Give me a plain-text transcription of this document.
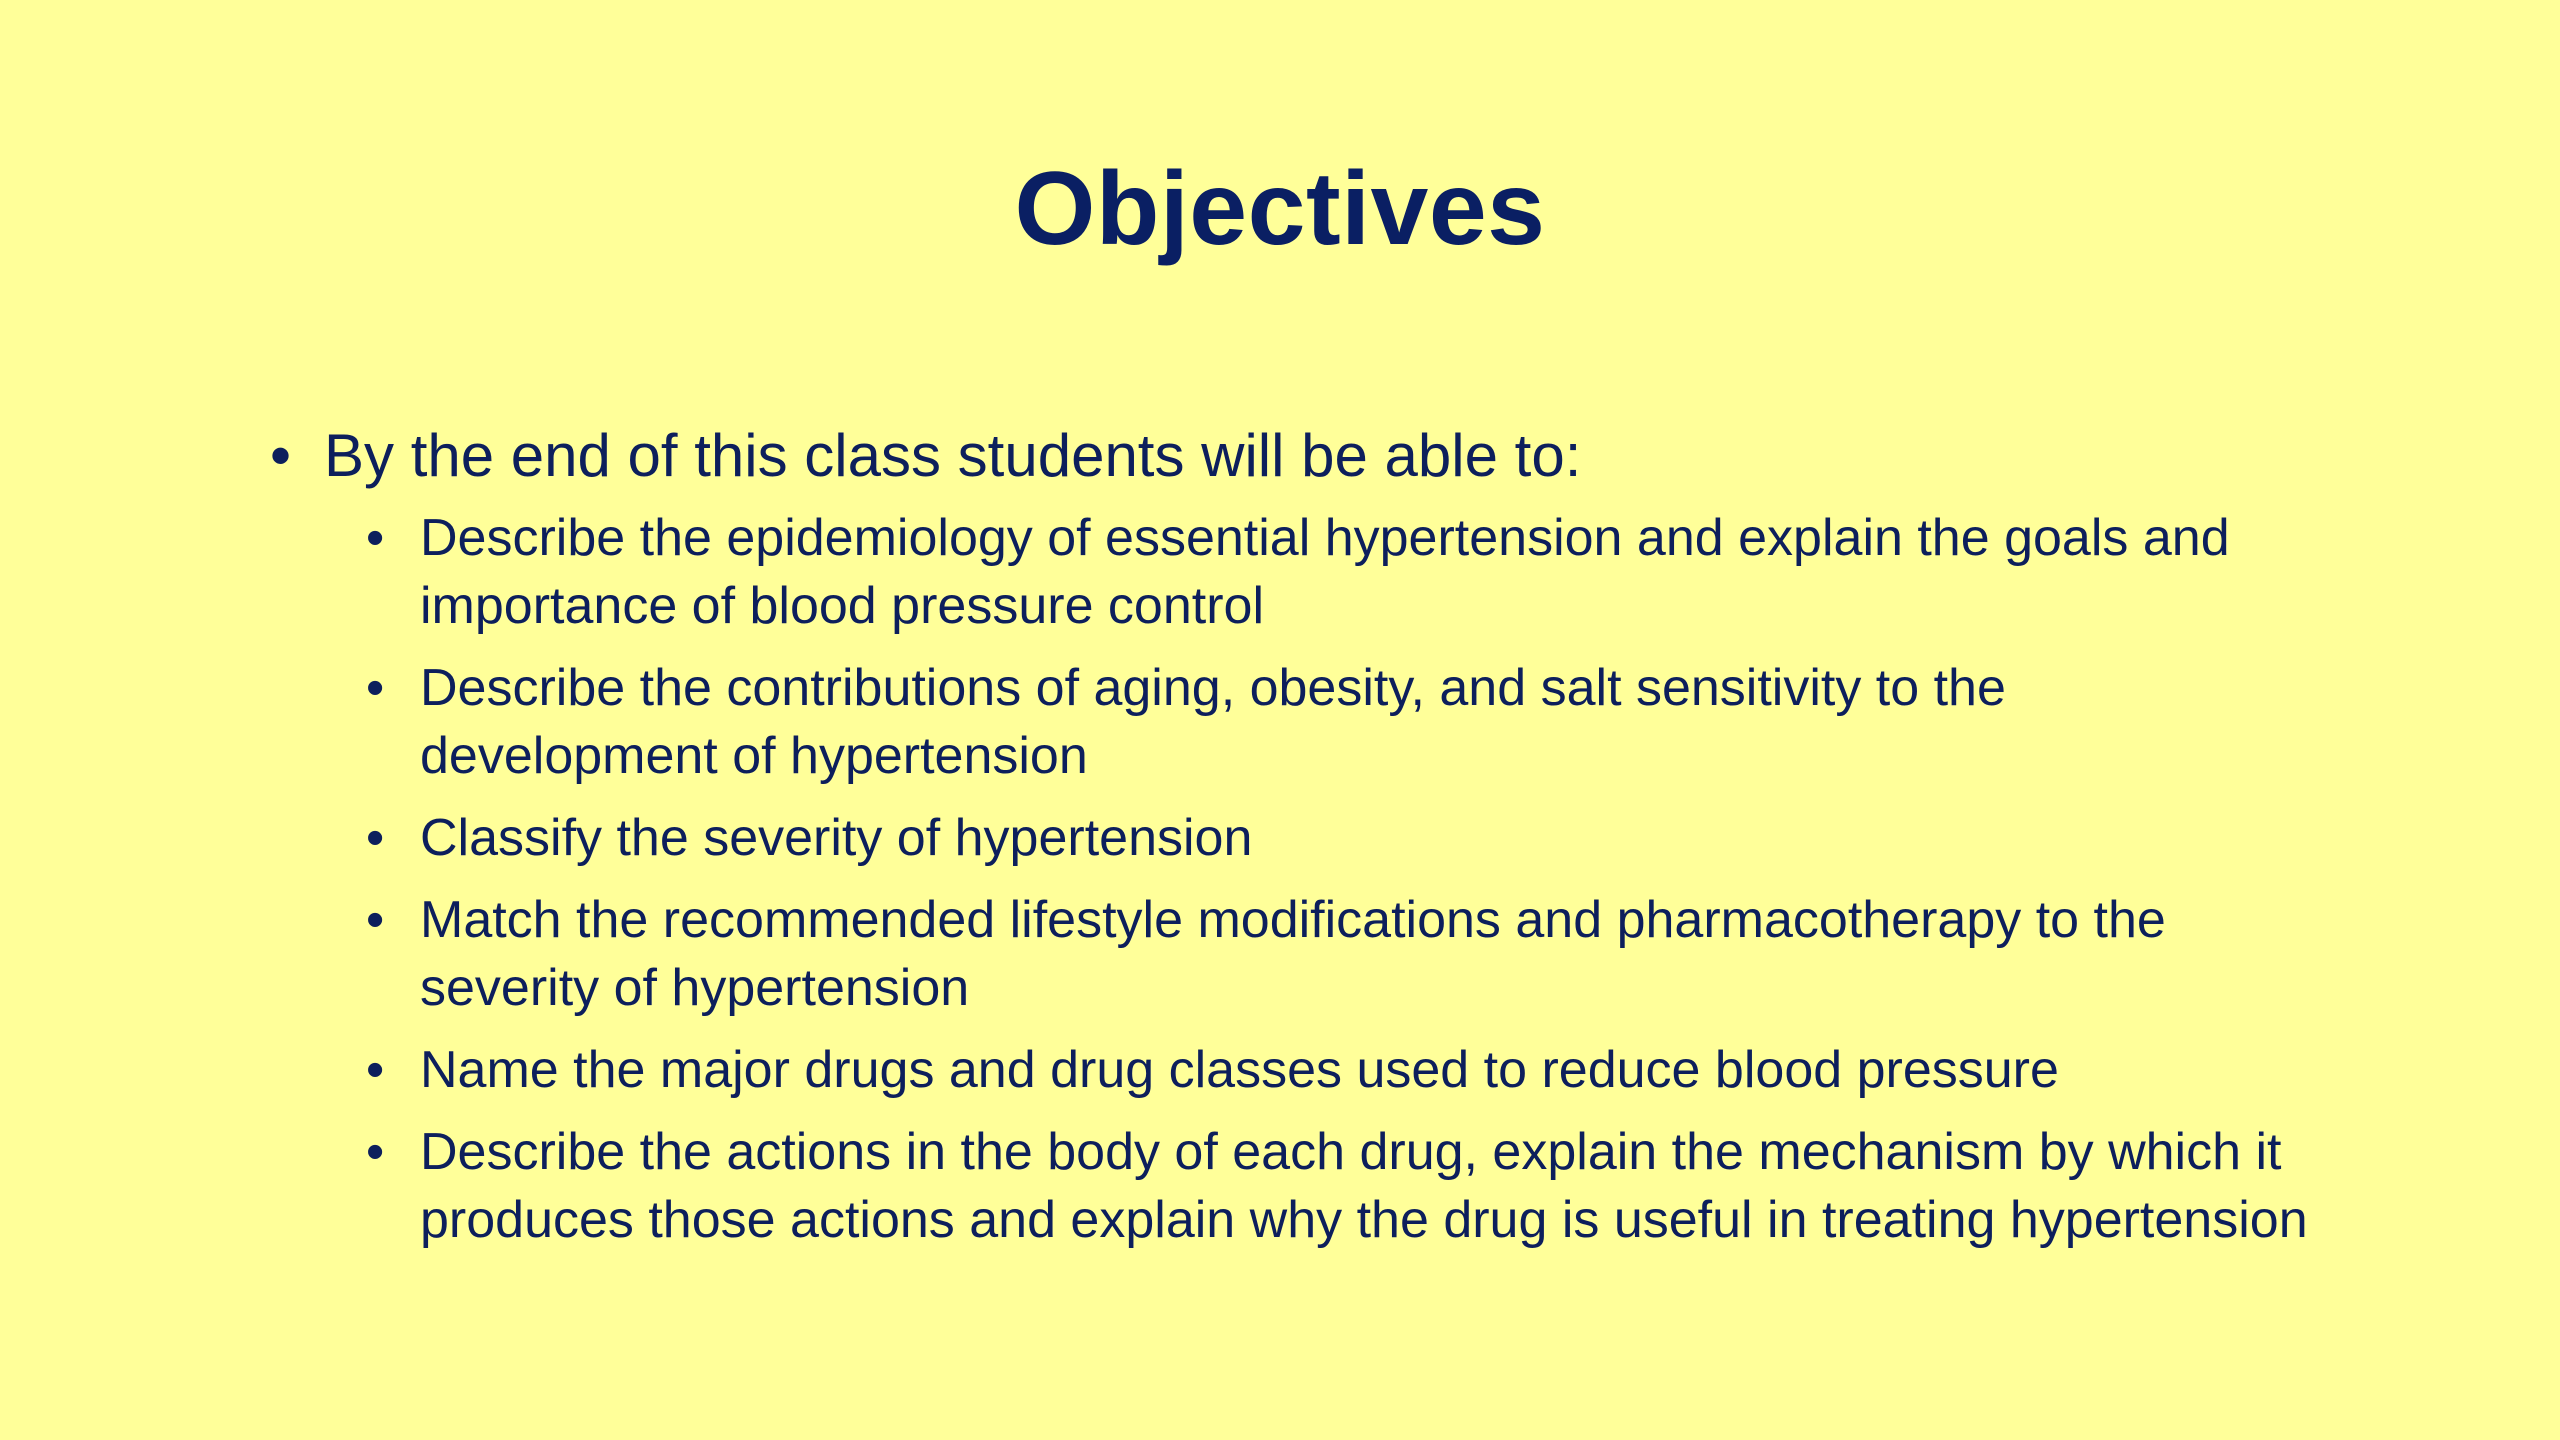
Objectives
• By the end of this class students will be able to:
• Describe the epidemiology of essential hypertension and explain the goals and importance of blood pressure control
• Describe the contributions of aging, obesity, and salt sensitivity to the development of hypertension
• Classify the severity of hypertension
• Match the recommended lifestyle modifications and pharmacotherapy to the severity of hypertension
• Name the major drugs and drug classes used to reduce blood pressure
• Describe the actions in the body of each drug, explain the mechanism by which it produces those actions and explain why the drug is useful in treating hypertension
